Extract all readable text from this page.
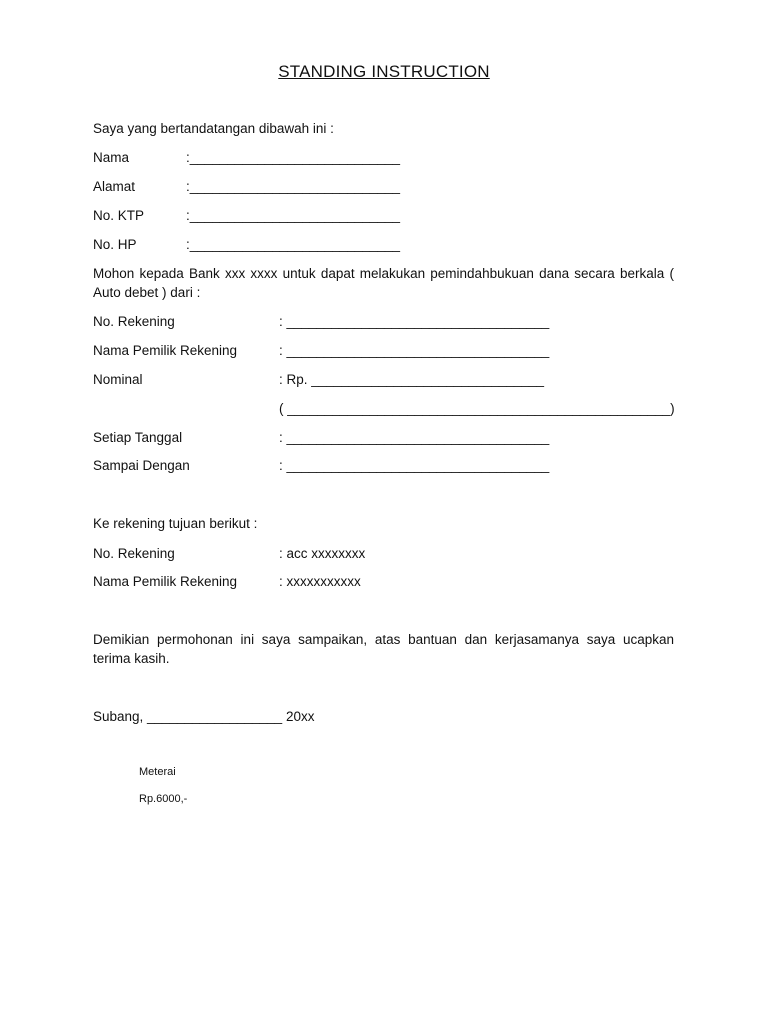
STANDING INSTRUCTION
Saya yang bertandatangan dibawah ini :
Nama	:____________________________
Alamat	:____________________________
No. KTP	:____________________________
No. HP	:____________________________
Mohon kepada Bank xxx xxxx untuk dapat melakukan pemindahbukuan dana secara berkala ( Auto debet ) dari :
No. Rekening	: ___________________________________
Nama Pemilik Rekening	: ___________________________________
Nominal	: Rp. _______________________________
( ___________________________________________________)
Setiap Tanggal	: ___________________________________
Sampai Dengan	: ___________________________________
Ke rekening tujuan berikut :
No. Rekening	: acc xxxxxxxx
Nama Pemilik Rekening	: xxxxxxxxxxx
Demikian permohonan ini saya sampaikan, atas bantuan dan kerjasamanya saya ucapkan terima kasih.
Subang, __________________ 20xx
Meterai
Rp.6000,-
